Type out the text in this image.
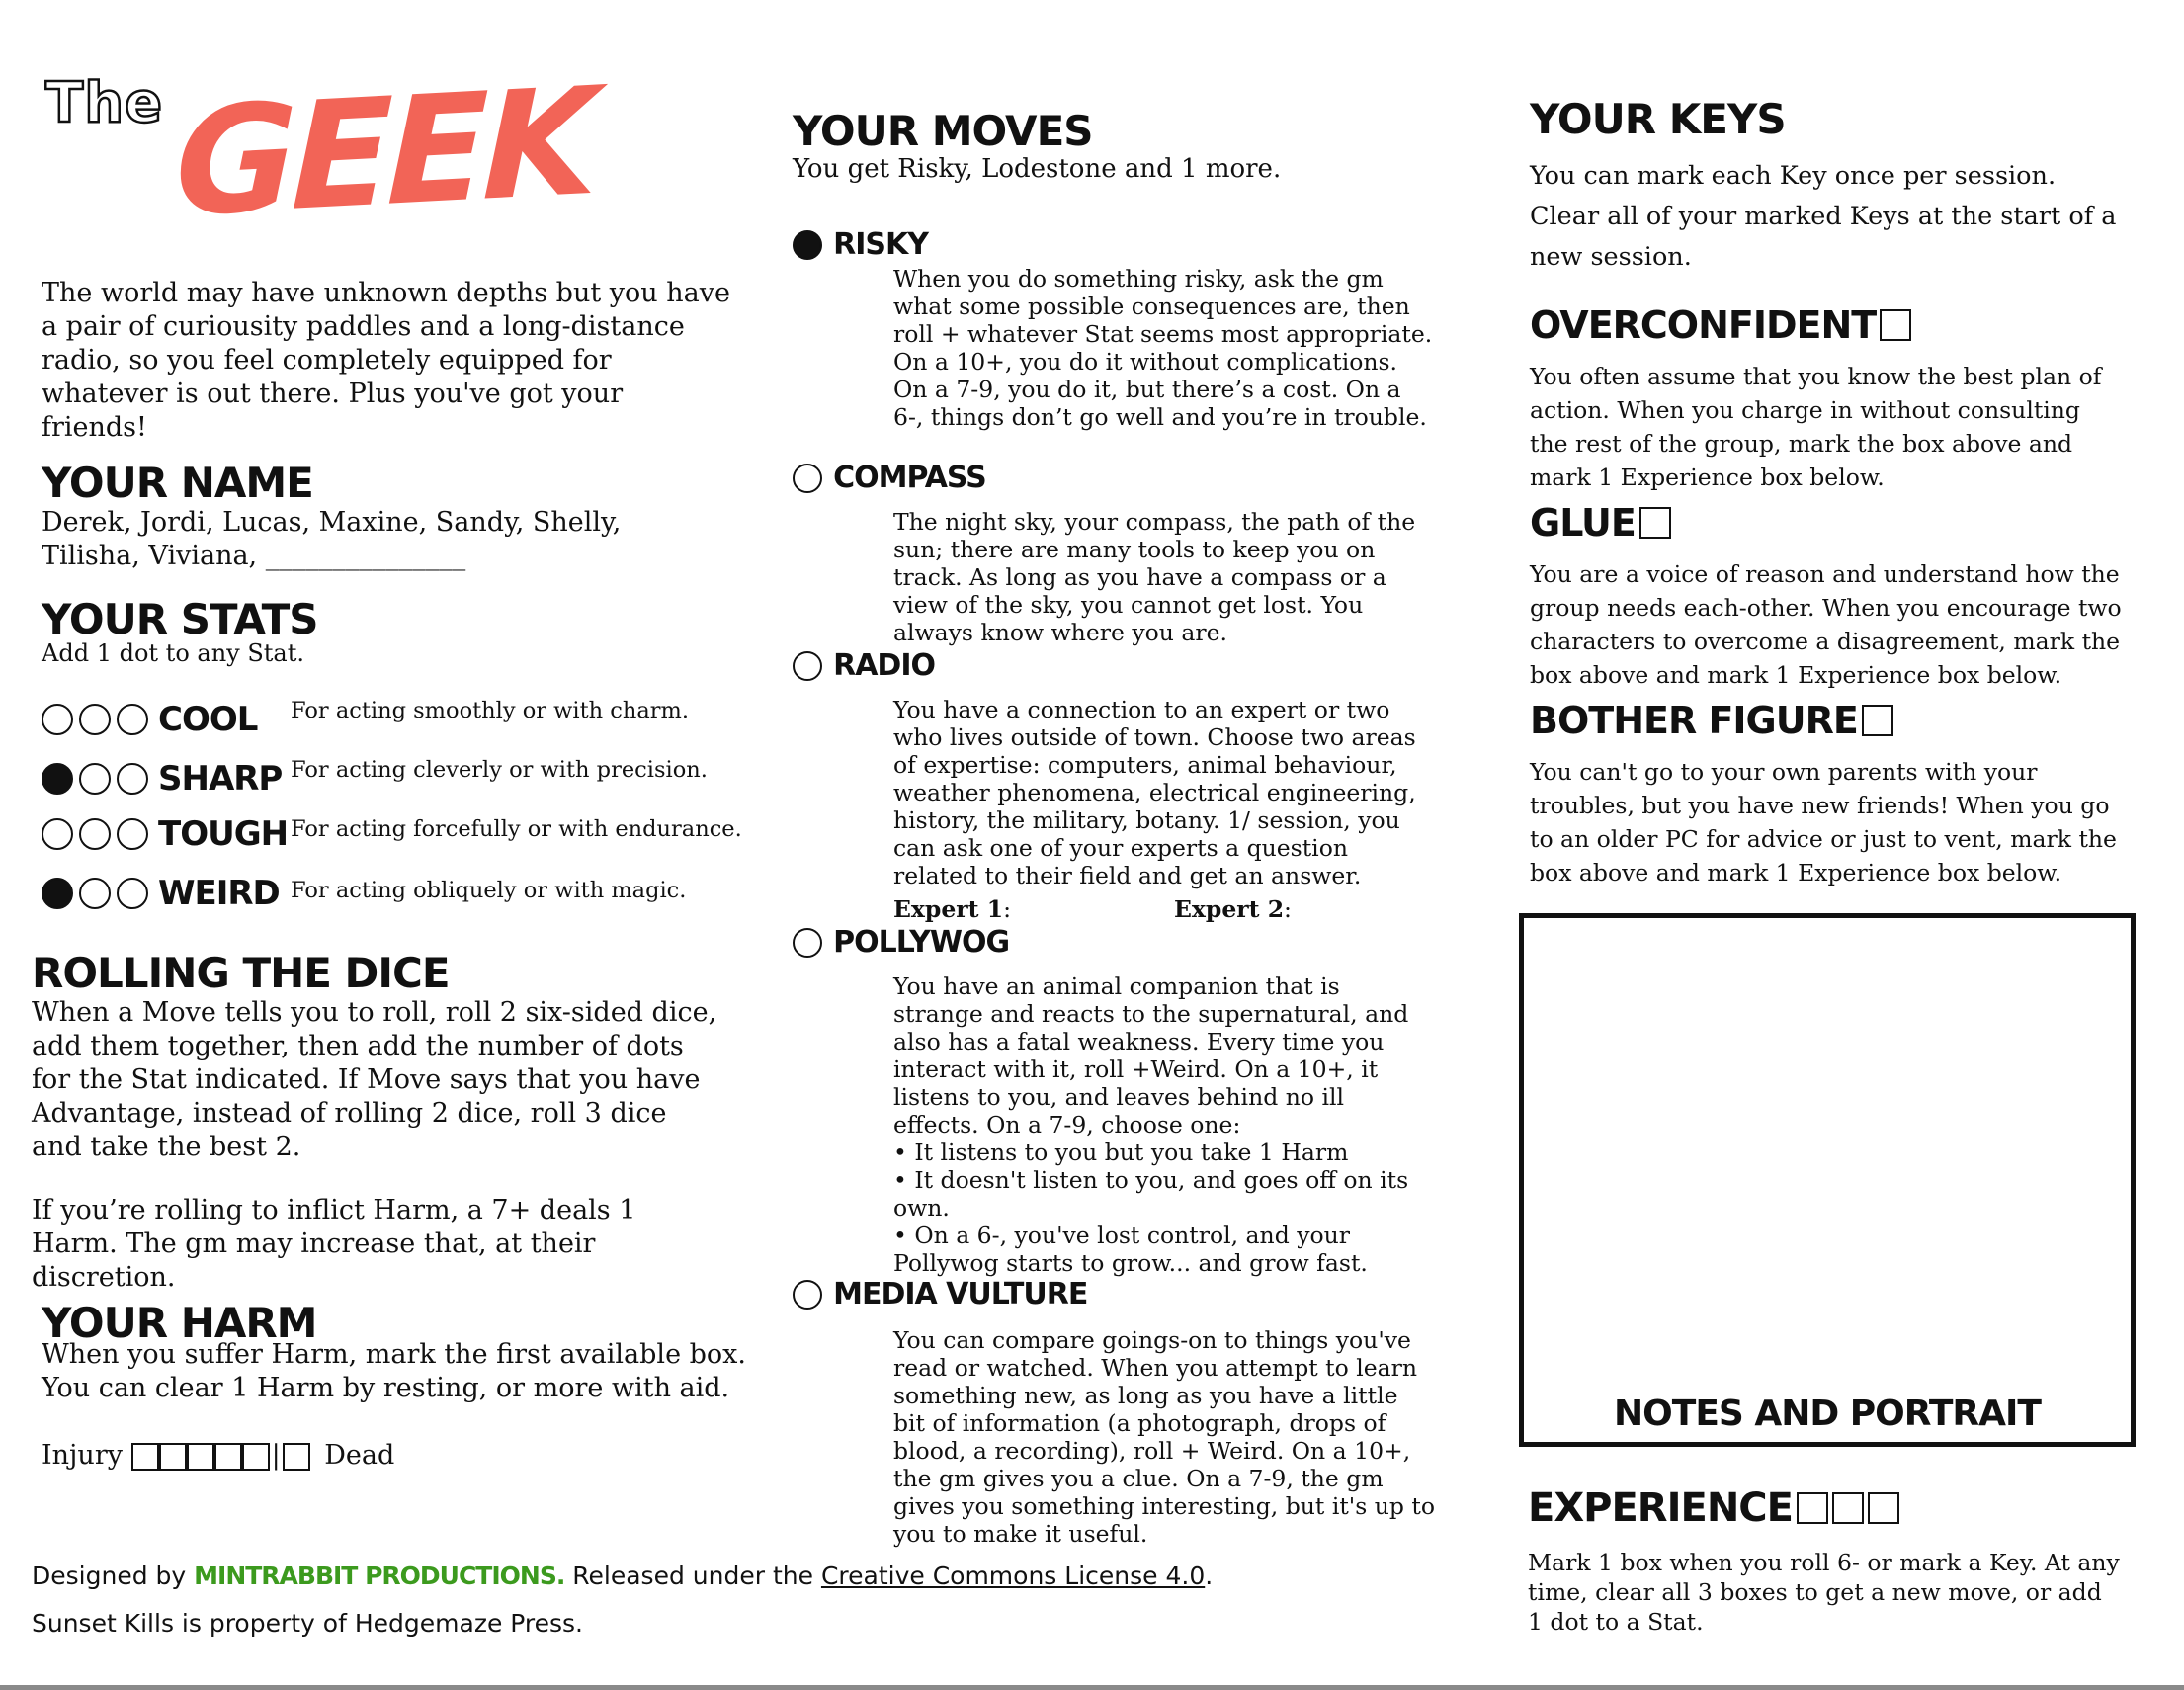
The GEEK
The world may have unknown depths but you have a pair of curiousity paddles and a long-distance radio, so you feel completely equipped for whatever is out there. Plus you've got your friends!
YOUR NAME
Derek, Jordi, Lucas, Maxine, Sandy, Shelly,
Tilisha, Viviana, _______________
YOUR STATS
Add 1 dot to any Stat.
COOL	For acting smoothly or with charm.
SHARP For acting cleverly or with precision.
TOUGH For acting forcefully or with endurance.
WEIRD For acting obliquely or with magic.
ROLLING THE DICE
When a Move tells you to roll, roll 2 six-sided dice, add them together, then add the number of dots for the Stat indicated. If Move says that you have Advantage, instead of rolling 2 dice, roll 3 dice and take the best 2.
If you’re rolling to inflict Harm, a 7+ deals 1 Harm. The gm may increase that, at their discretion.
YOUR HARM
When you suffer Harm, mark the first available box.
You can clear 1 Harm by resting, or more with aid.
Injury	| Dead
Designed by MINTRABBIT PRODUCTIONS. Released under the Creative Commons License 4.0.
Sunset Kills is property of Hedgemaze Press.
YOUR MOVES
You get Risky, Lodestone and 1 more.
RISKY
When you do something risky, ask the gm what some possible consequences are, then roll + whatever Stat seems most appropriate. On a 10+, you do it without complications. On a 7-9, you do it, but there’s a cost. On a 6-, things don’t go well and you’re in trouble.
COMPASS
The night sky, your compass, the path of the sun; there are many tools to keep you on track. As long as you have a compass or a view of the sky, you cannot get lost. You always know where you are.
RADIO
You have a connection to an expert or two who lives outside of town. Choose two areas of expertise: computers, animal behaviour, weather phenomena, electrical engineering, history, the military, botany. 1/ session, you can ask one of your experts a question related to their field and get an answer.
Expert 1:	Expert 2:
POLLYWOG
You have an animal companion that is strange and reacts to the supernatural, and also has a fatal weakness. Every time you interact with it, roll +Weird. On a 10+, it listens to you, and leaves behind no ill effects. On a 7-9, choose one:
• It listens to you but you take 1 Harm
• It doesn't listen to you, and goes off on its own.
• On a 6-, you've lost control, and your Pollywog starts to grow... and grow fast.
MEDIA VULTURE
You can compare goings-on to things you've read or watched. When you attempt to learn something new, as long as you have a little bit of information (a photograph, drops of blood, a recording), roll + Weird. On a 10+, the gm gives you a clue. On a 7-9, the gm gives you something interesting, but it's up to you to make it useful.
YOUR KEYS
You can mark each Key once per session. Clear all of your marked Keys at the start of a new session.
OVERCONFIDENT
You often assume that you know the best plan of action. When you charge in without consulting the rest of the group, mark the box above and mark 1 Experience box below.
GLUE
You are a voice of reason and understand how the group needs each-other. When you encourage two characters to overcome a disagreement, mark the box above and mark 1 Experience box below.
BOTHER FIGURE
You can't go to your own parents with your troubles, but you have new friends! When you go to an older PC for advice or just to vent, mark the box above and mark 1 Experience box below.
NOTES AND PORTRAIT
EXPERIENCE
Mark 1 box when you roll 6- or mark a Key. At any time, clear all 3 boxes to get a new move, or add 1 dot to a Stat.
